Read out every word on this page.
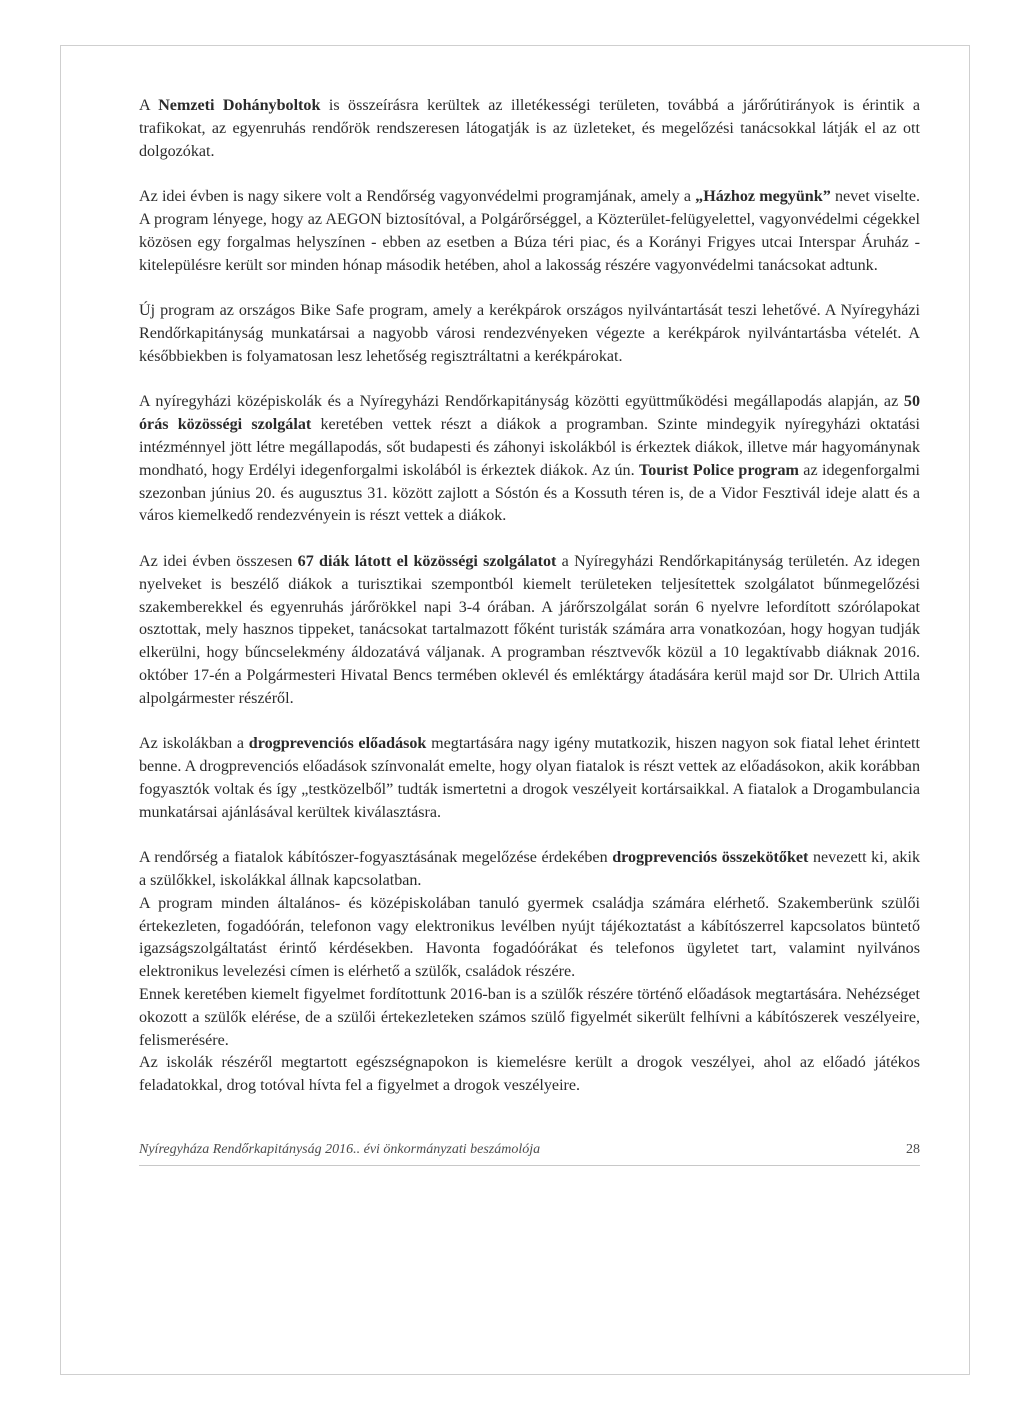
A Nemzeti Dohányboltok is összeírásra kerültek az illetékességi területen, továbbá a járőrútirányok is érintik a trafikokat, az egyenruhás rendőrök rendszeresen látogatják is az üzleteket, és megelőzési tanácsokkal látják el az ott dolgozókat.

Az idei évben is nagy sikere volt a Rendőrség vagyonvédelmi programjának, amely a „Házhoz megyünk” nevet viselte. A program lényege, hogy az AEGON biztosítóval, a Polgárőrséggel, a Közterület-felügyelettel, vagyonvédelmi cégekkel közösen egy forgalmas helyszínen - ebben az esetben a Búza téri piac, és a Korányi Frigyes utcai Interspar Áruház - kitelepülésre került sor minden hónap második hetében, ahol a lakosság részére vagyonvédelmi tanácsokat adtunk.

Új program az országos Bike Safe program, amely a kerékpárok országos nyilvántartását teszi lehetővé. A Nyíregyházi Rendőrkapitányság munkatársai a nagyobb városi rendezvényeken végezte a kerékpárok nyilvántartásba vételét. A későbbiekben is folyamatosan lesz lehetőség regisztráltatni a kerékpárokat.

A nyíregyházi középiskolák és a Nyíregyházi Rendőrkapitányság közötti együttműködési megállapodás alapján, az 50 órás közösségi szolgálat keretében vettek részt a diákok a programban. Szinte mindegyik nyíregyházi oktatási intézménnyel jött létre megállapodás, sőt budapesti és záhonyi iskolákból is érkeztek diákok, illetve már hagyománynak mondható, hogy Erdélyi idegenforgalmi iskolából is érkeztek diákok. Az ún. Tourist Police program az idegenforgalmi szezonban június 20. és augusztus 31. között zajlott a Sóstón és a Kossuth téren is, de a Vidor Fesztivál ideje alatt és a város kiemelkedő rendezvényein is részt vettek a diákok.

Az idei évben összesen 67 diák látott el közösségi szolgálatot a Nyíregyházi Rendőrkapitányság területén. Az idegen nyelveket is beszélő diákok a turisztikai szempontból kiemelt területeken teljesítettek szolgálatot bűnmegelőzési szakemberekkel és egyenruhás járőrökkel napi 3-4 órában. A járőrszolgálat során 6 nyelvre lefordított szórólapokat osztottak, mely hasznos tippeket, tanácsokat tartalmazott főként turisták számára arra vonatkozóan, hogy hogyan tudják elkerülni, hogy bűncselekmény áldozatává váljanak. A programban résztvevők közül a 10 legaktívabb diáknak 2016. október 17-én a Polgármesteri Hivatal Bencs termében oklevél és emléktárgy átadására kerül majd sor Dr. Ulrich Attila alpolgármester részéről.

Az iskolákban a drogprevenciós előadások megtartására nagy igény mutatkozik, hiszen nagyon sok fiatal lehet érintett benne. A drogprevenciós előadások színvonalát emelte, hogy olyan fiatalok is részt vettek az előadásokon, akik korábban fogyasztók voltak és így „testközelből” tudták ismertetni a drogok veszélyeit kortársaikkal. A fiatalok a Drogambulancia munkatársai ajánlásával kerültek kiválasztásra.

A rendőrség a fiatalok kábítószer-fogyasztásának megelőzése érdekében drogprevenciós összekötőket nevezett ki, akik a szülőkkel, iskolákkal állnak kapcsolatban.

A program minden általános- és középiskolában tanuló gyermek családja számára elérhető. Szakemberünk szülői értekezleten, fogadóórán, telefonon vagy elektronikus levélben nyújt tájékoztatást a kábítószerrel kapcsolatos büntető igazságszolgáltatást érintő kérdésekben. Havonta fogadóórákat és telefonos ügyletet tart, valamint nyilvános elektronikus levelezési címen is elérhető a szülők, családok részére.

Ennek keretében kiemelt figyelmet fordítottunk 2016-ban is a szülők részére történő előadások megtartására. Nehézséget okozott a szülők elérése, de a szülői értekezleteken számos szülő figyelmét sikerült felhívni a kábítószerek veszélyeire, felismerésére.

Az iskolák részéről megtartott egészségnapokon is kiemelésre került a drogok veszélyei, ahol az előadó játékos feladatokkal, drog totóval hívta fel a figyelmet a drogok veszélyeire.

Nyíregyháza Rendőrkapitányság 2016.. évi önkormányzati beszámolója	28
